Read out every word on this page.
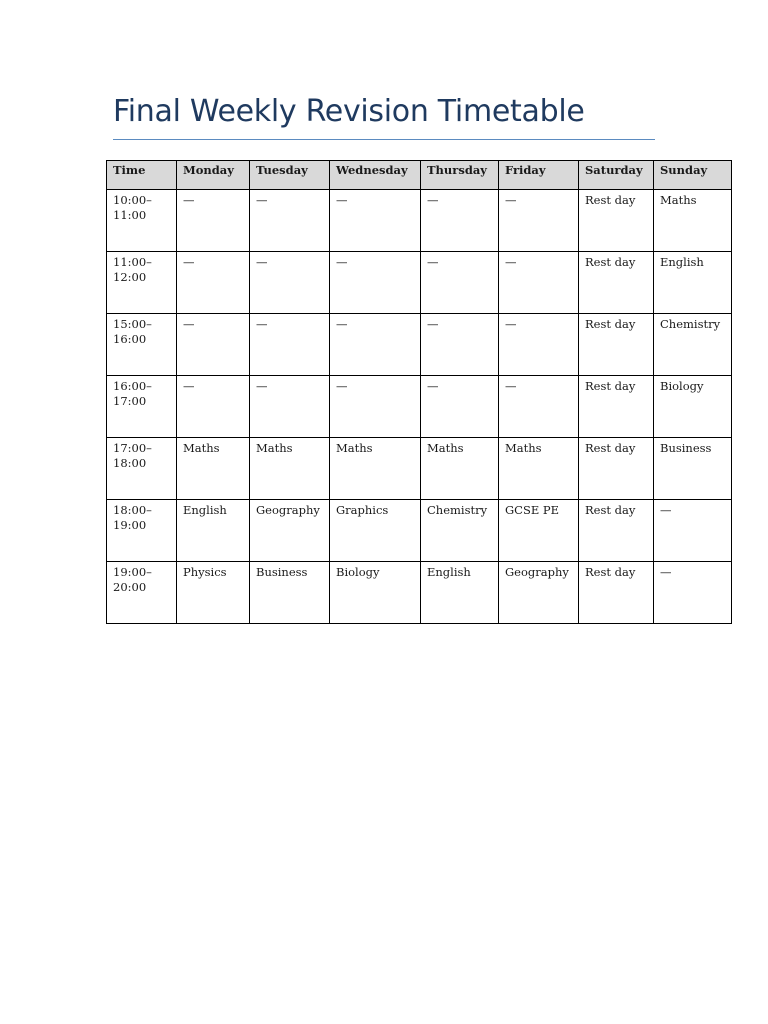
Final Weekly Revision Timetable
Time	Monday	Tuesday	Wednesday	Thursday	Friday	Saturday	Sunday
10:00–
11:00	—	—	—	—	—	Rest day	Maths
11:00–
12:00	—	—	—	—	—	Rest day	English
15:00–
16:00	—	—	—	—	—	Rest day	Chemistry
16:00–
17:00	—	—	—	—	—	Rest day	Biology
17:00–
18:00	Maths	Maths	Maths	Maths	Maths	Rest day	Business
18:00–
19:00	English	Geography	Graphics	Chemistry	GCSE PE	Rest day	—
19:00–
20:00	Physics	Business	Biology	English	Geography	Rest day	—
